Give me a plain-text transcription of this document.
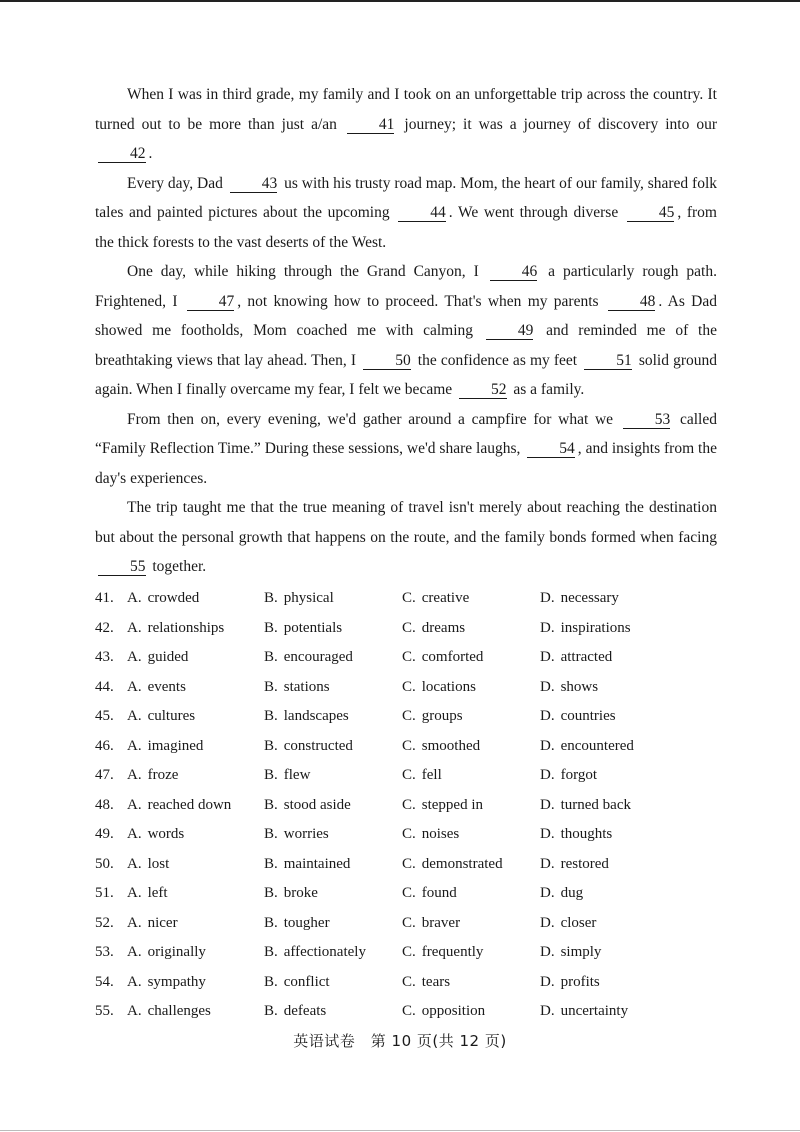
When I was in third grade, my family and I took on an unforgettable trip across the country. It turned out to be more than just a/an 41 journey; it was a journey of discovery into our 42 .

Every day, Dad 43 us with his trusty road map. Mom, the heart of our family, shared folk tales and painted pictures about the upcoming 44 . We went through diverse 45 , from the thick forests to the vast deserts of the West.

One day, while hiking through the Grand Canyon, I 46 a particularly rough path. Frightened, I 47 , not knowing how to proceed. That's when my parents 48 . As Dad showed me footholds, Mom coached me with calming 49 and reminded me of the breathtaking views that lay ahead. Then, I 50 the confidence as my feet 51 solid ground again. When I finally overcame my fear, I felt we became 52 as a family.

From then on, every evening, we'd gather around a campfire for what we 53 called “Family Reflection Time.” During these sessions, we'd share laughs, 54 , and insights from the day's experiences.

The trip taught me that the true meaning of travel isn't merely about reaching the destination but about the personal growth that happens on the route, and the family bonds formed when facing 55 together.

41. A. crowded	B. physical	C. creative	D. necessary
42. A. relationships	B. potentials	C. dreams	D. inspirations
43. A. guided	B. encouraged	C. comforted	D. attracted
44. A. events	B. stations	C. locations	D. shows
45. A. cultures	B. landscapes	C. groups	D. countries
46. A. imagined	B. constructed	C. smoothed	D. encountered
47. A. froze	B. flew	C. fell	D. forgot
48. A. reached down	B. stood aside	C. stepped in	D. turned back
49. A. words	B. worries	C. noises	D. thoughts
50. A. lost	B. maintained	C. demonstrated	D. restored
51. A. left	B. broke	C. found	D. dug
52. A. nicer	B. tougher	C. braver	D. closer
53. A. originally	B. affectionately	C. frequently	D. simply
54. A. sympathy	B. conflict	C. tears	D. profits
55. A. challenges	B. defeats	C. opposition	D. uncertainty
英语试卷　第 10 页(共 12 页)
